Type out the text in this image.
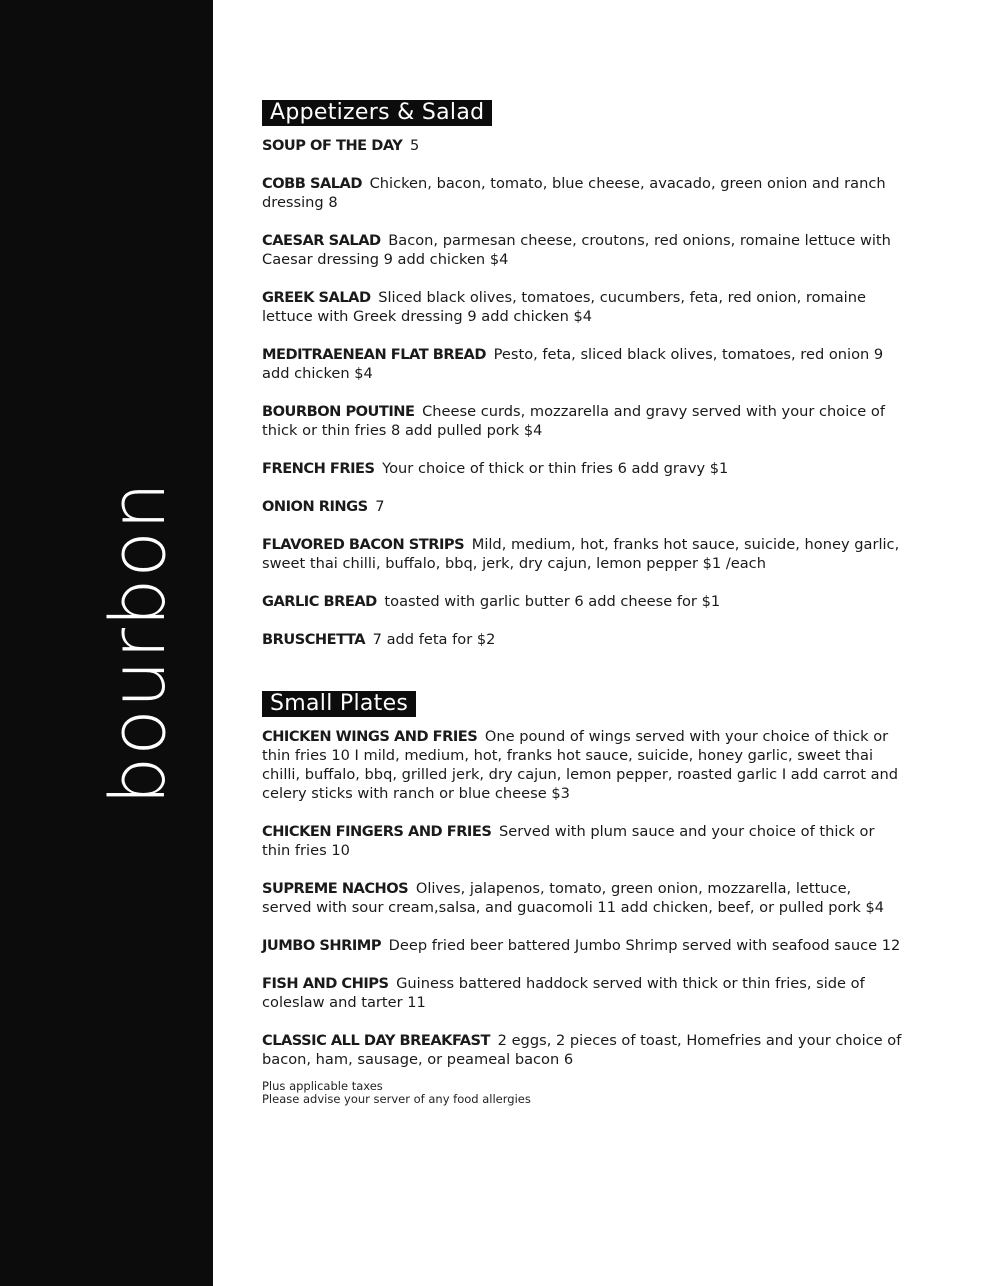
bourbon
Appetizers & Salad
SOUP OF THE DAY 5
COBB SALAD Chicken, bacon, tomato, blue cheese, avacado, green onion and ranch dressing 8
CAESAR SALAD Bacon, parmesan cheese, croutons, red onions, romaine lettuce with Caesar dressing 9 add chicken $4
GREEK SALAD Sliced black olives, tomatoes, cucumbers, feta, red onion, romaine lettuce with Greek dressing 9 add chicken $4
MEDITRAENEAN FLAT BREAD Pesto, feta, sliced black olives, tomatoes, red onion 9 add chicken $4
BOURBON POUTINE Cheese curds, mozzarella and gravy served with your choice of thick or thin fries 8 add pulled pork $4
FRENCH FRIES Your choice of thick or thin fries 6 add gravy $1
ONION RINGS 7
FLAVORED BACON STRIPS Mild, medium, hot, franks hot sauce, suicide, honey garlic, sweet thai chilli, buffalo, bbq, jerk, dry cajun, lemon pepper $1 /each
GARLIC BREAD toasted with garlic butter 6 add cheese for $1
BRUSCHETTA 7 add feta for $2
Small Plates
CHICKEN WINGS AND FRIES One pound of wings served with your choice of thick or thin fries 10 I mild, medium, hot, franks hot sauce, suicide, honey garlic, sweet thai chilli, buffalo, bbq, grilled jerk, dry cajun, lemon pepper, roasted garlic I add carrot and celery sticks with ranch or blue cheese $3
CHICKEN FINGERS AND FRIES Served with plum sauce and your choice of thick or thin fries 10
SUPREME NACHOS Olives, jalapenos, tomato, green onion, mozzarella, lettuce, served with sour cream,salsa, and guacomoli 11 add chicken, beef, or pulled pork $4
JUMBO SHRIMP Deep fried beer battered Jumbo Shrimp served with seafood sauce 12
FISH AND CHIPS Guiness battered haddock served with thick or thin fries, side of coleslaw and tarter 11
CLASSIC ALL DAY BREAKFAST 2 eggs, 2 pieces of toast, Homefries and your choice of bacon, ham, sausage, or peameal bacon 6
Plus applicable taxes
Please advise your server of any food allergies
